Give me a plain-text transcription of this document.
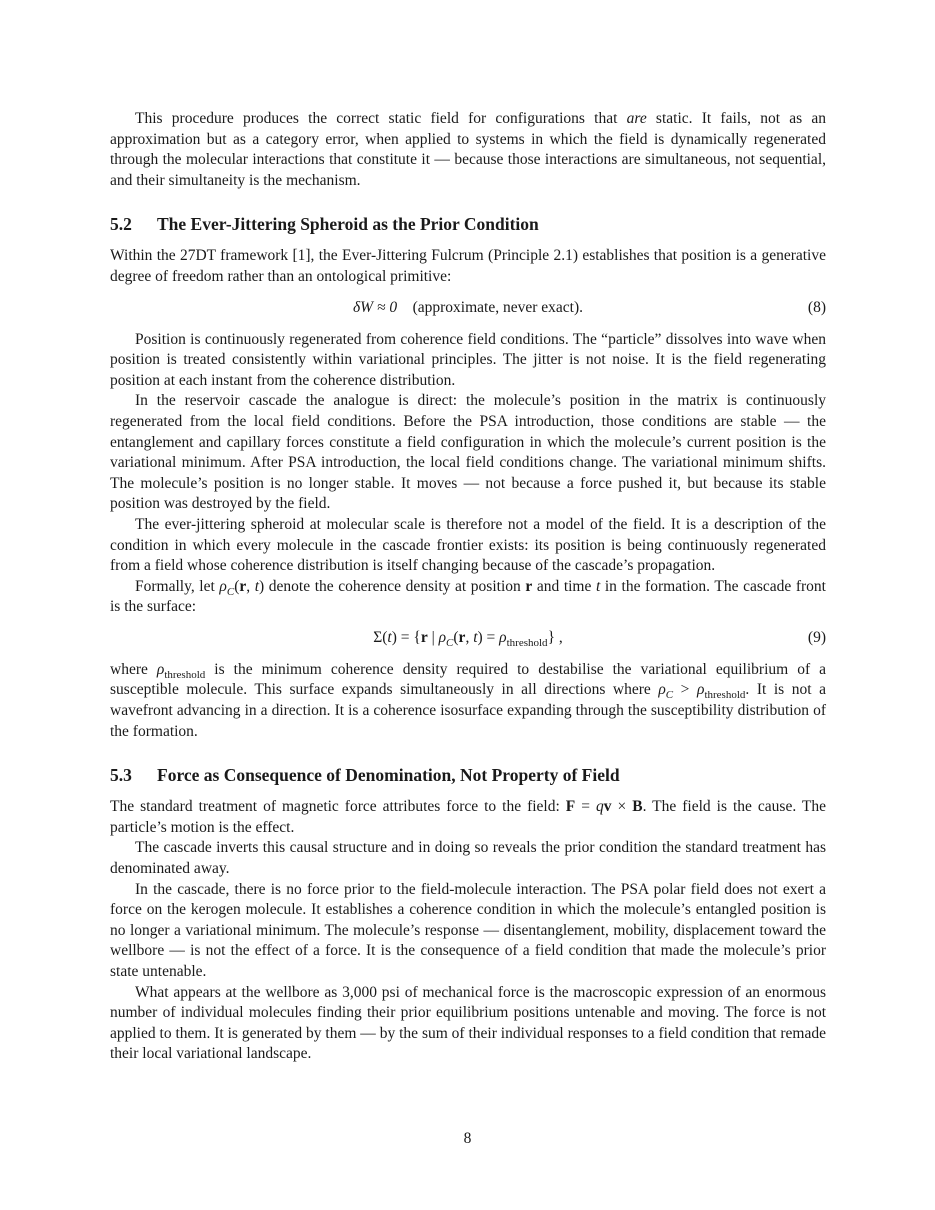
This procedure produces the correct static field for configurations that are static. It fails, not as an approximation but as a category error, when applied to systems in which the field is dynamically regenerated through the molecular interactions that constitute it — because those interactions are simultaneous, not sequential, and their simultaneity is the mechanism.

5.2 The Ever-Jittering Spheroid as the Prior Condition

Within the 27DT framework [1], the Ever-Jittering Fulcrum (Principle 2.1) establishes that position is a generative degree of freedom rather than an ontological primitive:

δW ≈ 0 (approximate, never exact).	(8)

Position is continuously regenerated from coherence field conditions. The “particle” dissolves into wave when position is treated consistently within variational principles. The jitter is not noise. It is the field regenerating position at each instant from the coherence distribution.

In the reservoir cascade the analogue is direct: the molecule’s position in the matrix is continuously regenerated from the local field conditions. Before the PSA introduction, those conditions are stable — the entanglement and capillary forces constitute a field configuration in which the molecule’s current position is the variational minimum. After PSA introduction, the local field conditions change. The variational minimum shifts. The molecule’s position is no longer stable. It moves — not because a force pushed it, but because its stable position was destroyed by the field.

The ever-jittering spheroid at molecular scale is therefore not a model of the field. It is a description of the condition in which every molecule in the cascade frontier exists: its position is being continuously regenerated from a field whose coherence distribution is itself changing because of the cascade’s propagation.

Formally, let $\rho_C(r$, t) denote the coherence density at position r and time t in the formation. The cascade front is the surface:

Σ(t) = {r | $\rho_C(r$, $t) = \rho_{threshold}$} ,	(9)

where $\rho_{threshold}$ is the minimum coherence density required to destabilise the variational equilibrium of a susceptible molecule. This surface expands simultaneously in all directions where $\rho_C > \rho_{threshold}$. It is not a wavefront advancing in a direction. It is a coherence isosurface expanding through the susceptibility distribution of the formation.

5.3 Force as Consequence of Denomination, Not Property of Field

The standard treatment of magnetic force attributes force to the field: F = qv × B. The field is the cause. The particle’s motion is the effect.

The cascade inverts this causal structure and in doing so reveals the prior condition the standard treatment has denominated away.

In the cascade, there is no force prior to the field-molecule interaction. The PSA polar field does not exert a force on the kerogen molecule. It establishes a coherence condition in which the molecule’s entangled position is no longer a variational minimum. The molecule’s response — disentanglement, mobility, displacement toward the wellbore — is not the effect of a force. It is the consequence of a field condition that made the molecule’s prior state untenable.

What appears at the wellbore as 3,000 psi of mechanical force is the macroscopic expression of an enormous number of individual molecules finding their prior equilibrium positions untenable and moving. The force is not applied to them. It is generated by them — by the sum of their individual responses to a field condition that remade their local variational landscape.

8
